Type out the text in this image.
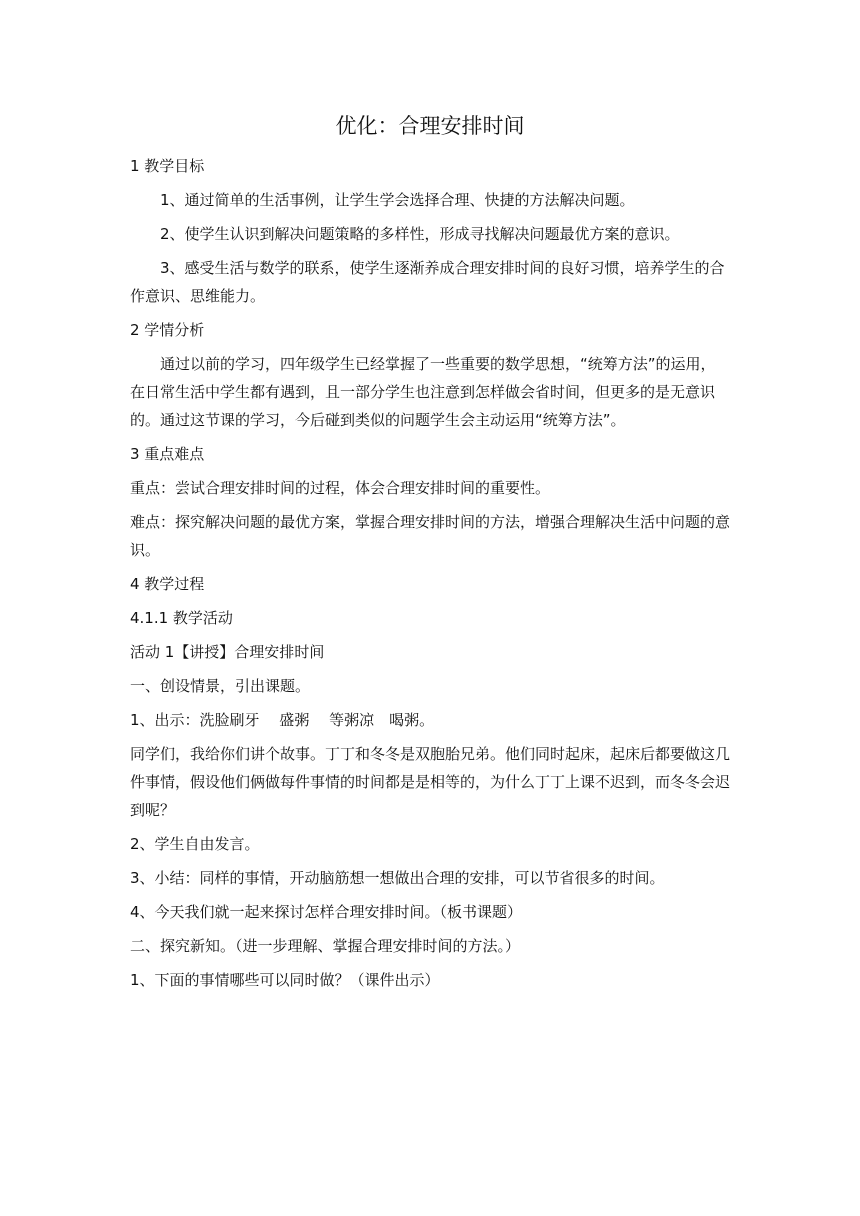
优化：合理安排时间

1 教学目标

1、通过简单的生活事例，让学生学会选择合理、快捷的方法解决问题。

2、使学生认识到解决问题策略的多样性，形成寻找解决问题最优方案的意识。

3、感受生活与数学的联系，使学生逐渐养成合理安排时间的良好习惯，培养学生的合作意识、思维能力。

2 学情分析

通过以前的学习，四年级学生已经掌握了一些重要的数学思想，“统筹方法”的运用，在日常生活中学生都有遇到，且一部分学生也注意到怎样做会省时间，但更多的是无意识的。通过这节课的学习，今后碰到类似的问题学生会主动运用“统筹方法”。

3 重点难点

重点：尝试合理安排时间的过程，体会合理安排时间的重要性。

难点：探究解决问题的最优方案，掌握合理安排时间的方法，增强合理解决生活中问题的意识。

4 教学过程

4.1.1 教学活动

活动 1【讲授】合理安排时间

一、创设情景，引出课题。

1、出示：洗脸刷牙　 盛粥　 等粥凉　喝粥。

同学们，我给你们讲个故事。丁丁和冬冬是双胞胎兄弟。他们同时起床，起床后都要做这几件事情，假设他们俩做每件事情的时间都是是相等的，为什么丁丁上课不迟到，而冬冬会迟到呢？

2、学生自由发言。

3、小结：同样的事情，开动脑筋想一想做出合理的安排，可以节省很多的时间。

4、今天我们就一起来探讨怎样合理安排时间。（板书课题）

二、探究新知。（进一步理解、掌握合理安排时间的方法。）

1、下面的事情哪些可以同时做？（课件出示）
